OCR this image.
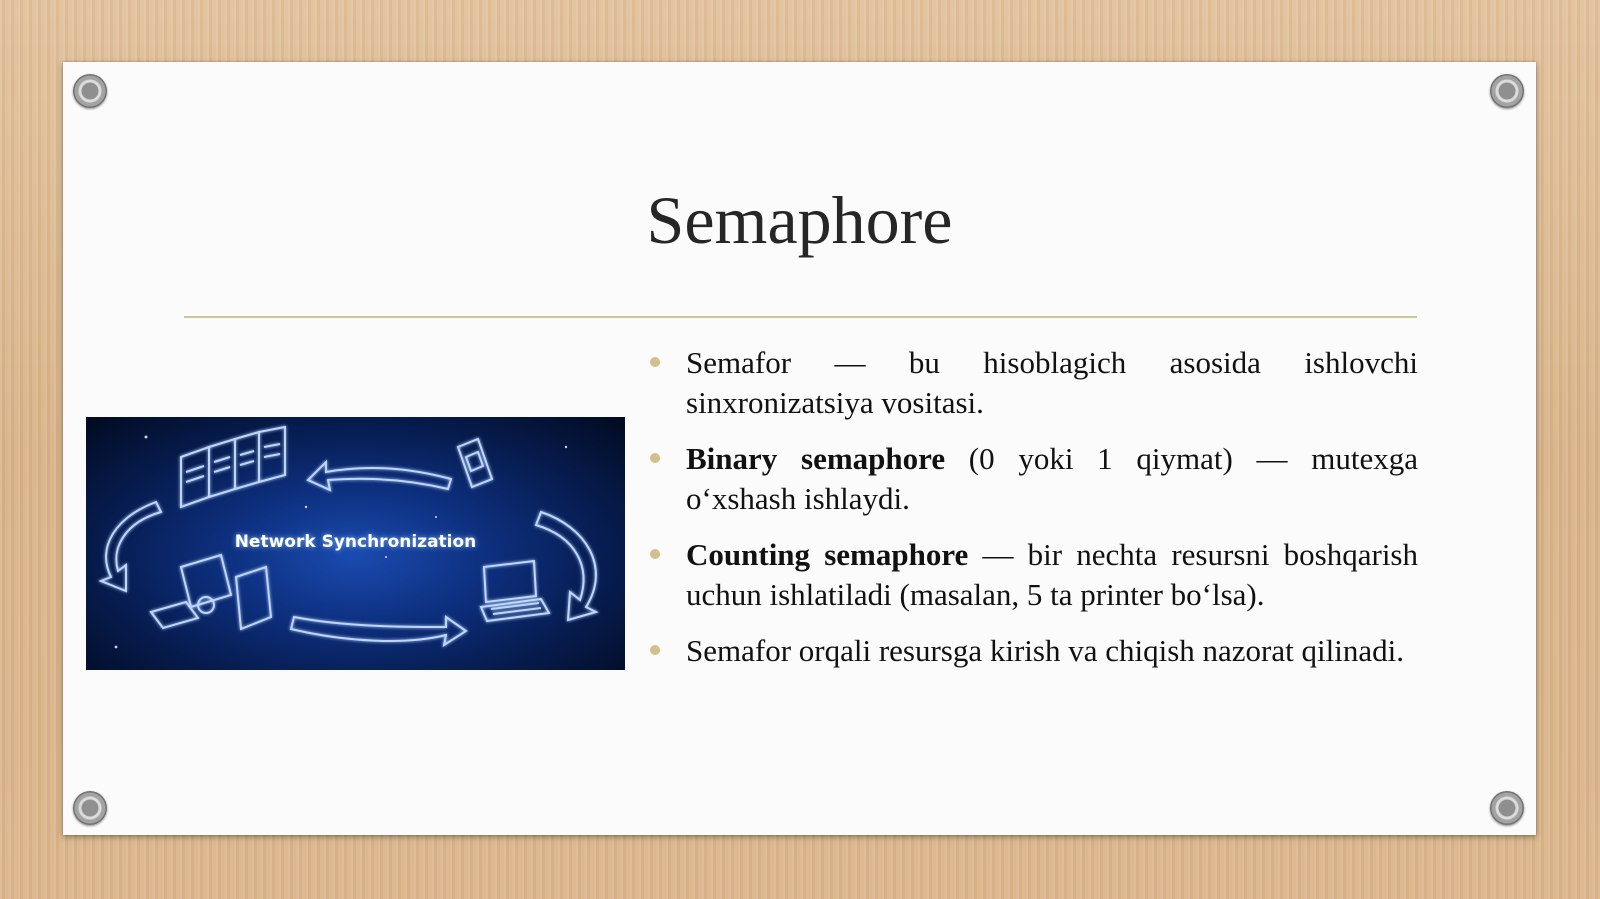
Semaphore
Network Synchronization
Semafor — bu hisoblagich asosida ishlovchi sinxronizatsiya vositasi.
Binary semaphore (0 yoki 1 qiymat) — mutexga o‘xshash ishlaydi.
Counting semaphore — bir nechta resursni boshqarish uchun ishlatiladi (masalan, 5 ta printer bo‘lsa).
Semafor orqali resursga kirish va chiqish nazorat qilinadi.
